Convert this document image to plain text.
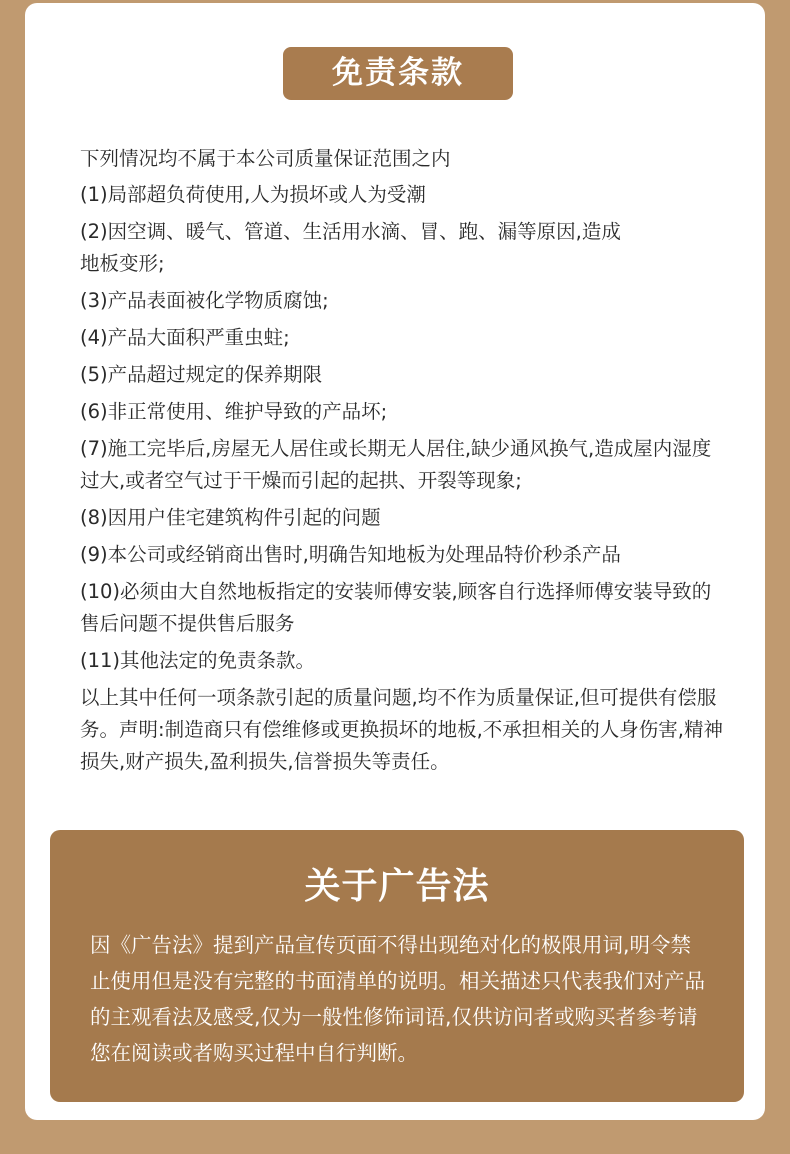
免责条款
下列情况均不属于本公司质量保证范围之内
(1)局部超负荷使用,人为损坏或人为受潮
(2)因空调、暖气、管道、生活用水滴、冒、跑、漏等原因,造成地板变形;
(3)产品表面被化学物质腐蚀;
(4)产品大面积严重虫蛀;
(5)产品超过规定的保养期限
(6)非正常使用、维护导致的产品坏;
(7)施工完毕后,房屋无人居住或长期无人居住,缺少通风换气,造成屋内湿度过大,或者空气过于干燥而引起的起拱、开裂等现象;
(8)因用户佳宅建筑构件引起的问题
(9)本公司或经销商出售时,明确告知地板为处理品特价秒杀产品
(10)必须由大自然地板指定的安装师傅安装,顾客自行选择师傅安装导致的售后问题不提供售后服务
(11)其他法定的免责条款。
以上其中任何一项条款引起的质量问题,均不作为质量保证,但可提供有偿服务。声明:制造商只有偿维修或更换损坏的地板,不承担相关的人身伤害,精神损失,财产损失,盈利损失,信誉损失等责任。
关于广告法
因《广告法》提到产品宣传页面不得出现绝对化的极限用词,明令禁止使用但是没有完整的书面清单的说明。相关描述只代表我们对产品的主观看法及感受,仅为一般性修饰词语,仅供访问者或购买者参考请您在阅读或者购买过程中自行判断。
